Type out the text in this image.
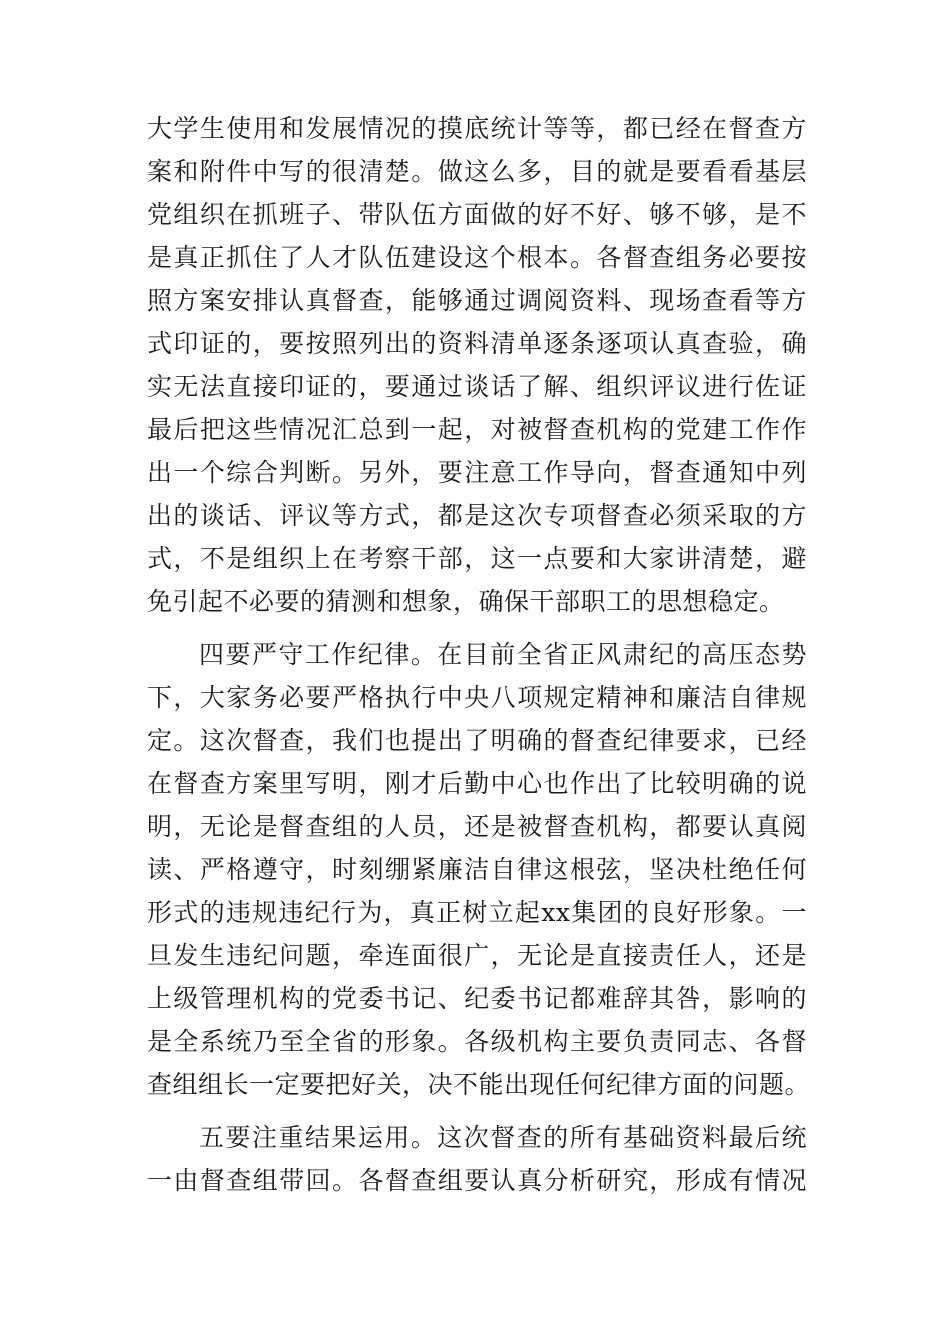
大学生使用和发展情况的摸底统计等等，都已经在督查方
案和附件中写的很清楚。做这么多，目的就是要看看基层
党组织在抓班子、带队伍方面做的好不好、够不够，是不
是真正抓住了人才队伍建设这个根本。各督查组务必要按
照方案安排认真督查，能够通过调阅资料、现场查看等方
式印证的，要按照列出的资料清单逐条逐项认真查验，确
实无法直接印证的，要通过谈话了解、组织评议进行佐证
最后把这些情况汇总到一起，对被督查机构的党建工作作
出一个综合判断。另外，要注意工作导向，督查通知中列
出的谈话、评议等方式，都是这次专项督查必须采取的方
式，不是组织上在考察干部，这一点要和大家讲清楚，避
免引起不必要的猜测和想象，确保干部职工的思想稳定。
四要严守工作纪律。在目前全省正风肃纪的高压态势
下，大家务必要严格执行中央八项规定精神和廉洁自律规
定。这次督查，我们也提出了明确的督查纪律要求，已经
在督查方案里写明，刚才后勤中心也作出了比较明确的说
明，无论是督查组的人员，还是被督查机构，都要认真阅
读、严格遵守，时刻绷紧廉洁自律这根弦，坚决杜绝任何
形式的违规违纪行为，真正树立起xx集团的良好形象。一
旦发生违纪问题，牵连面很广，无论是直接责任人，还是
上级管理机构的党委书记、纪委书记都难辞其咎，影响的
是全系统乃至全省的形象。各级机构主要负责同志、各督
查组组长一定要把好关，决不能出现任何纪律方面的问题。
五要注重结果运用。这次督查的所有基础资料最后统
一由督查组带回。各督查组要认真分析研究，形成有情况
